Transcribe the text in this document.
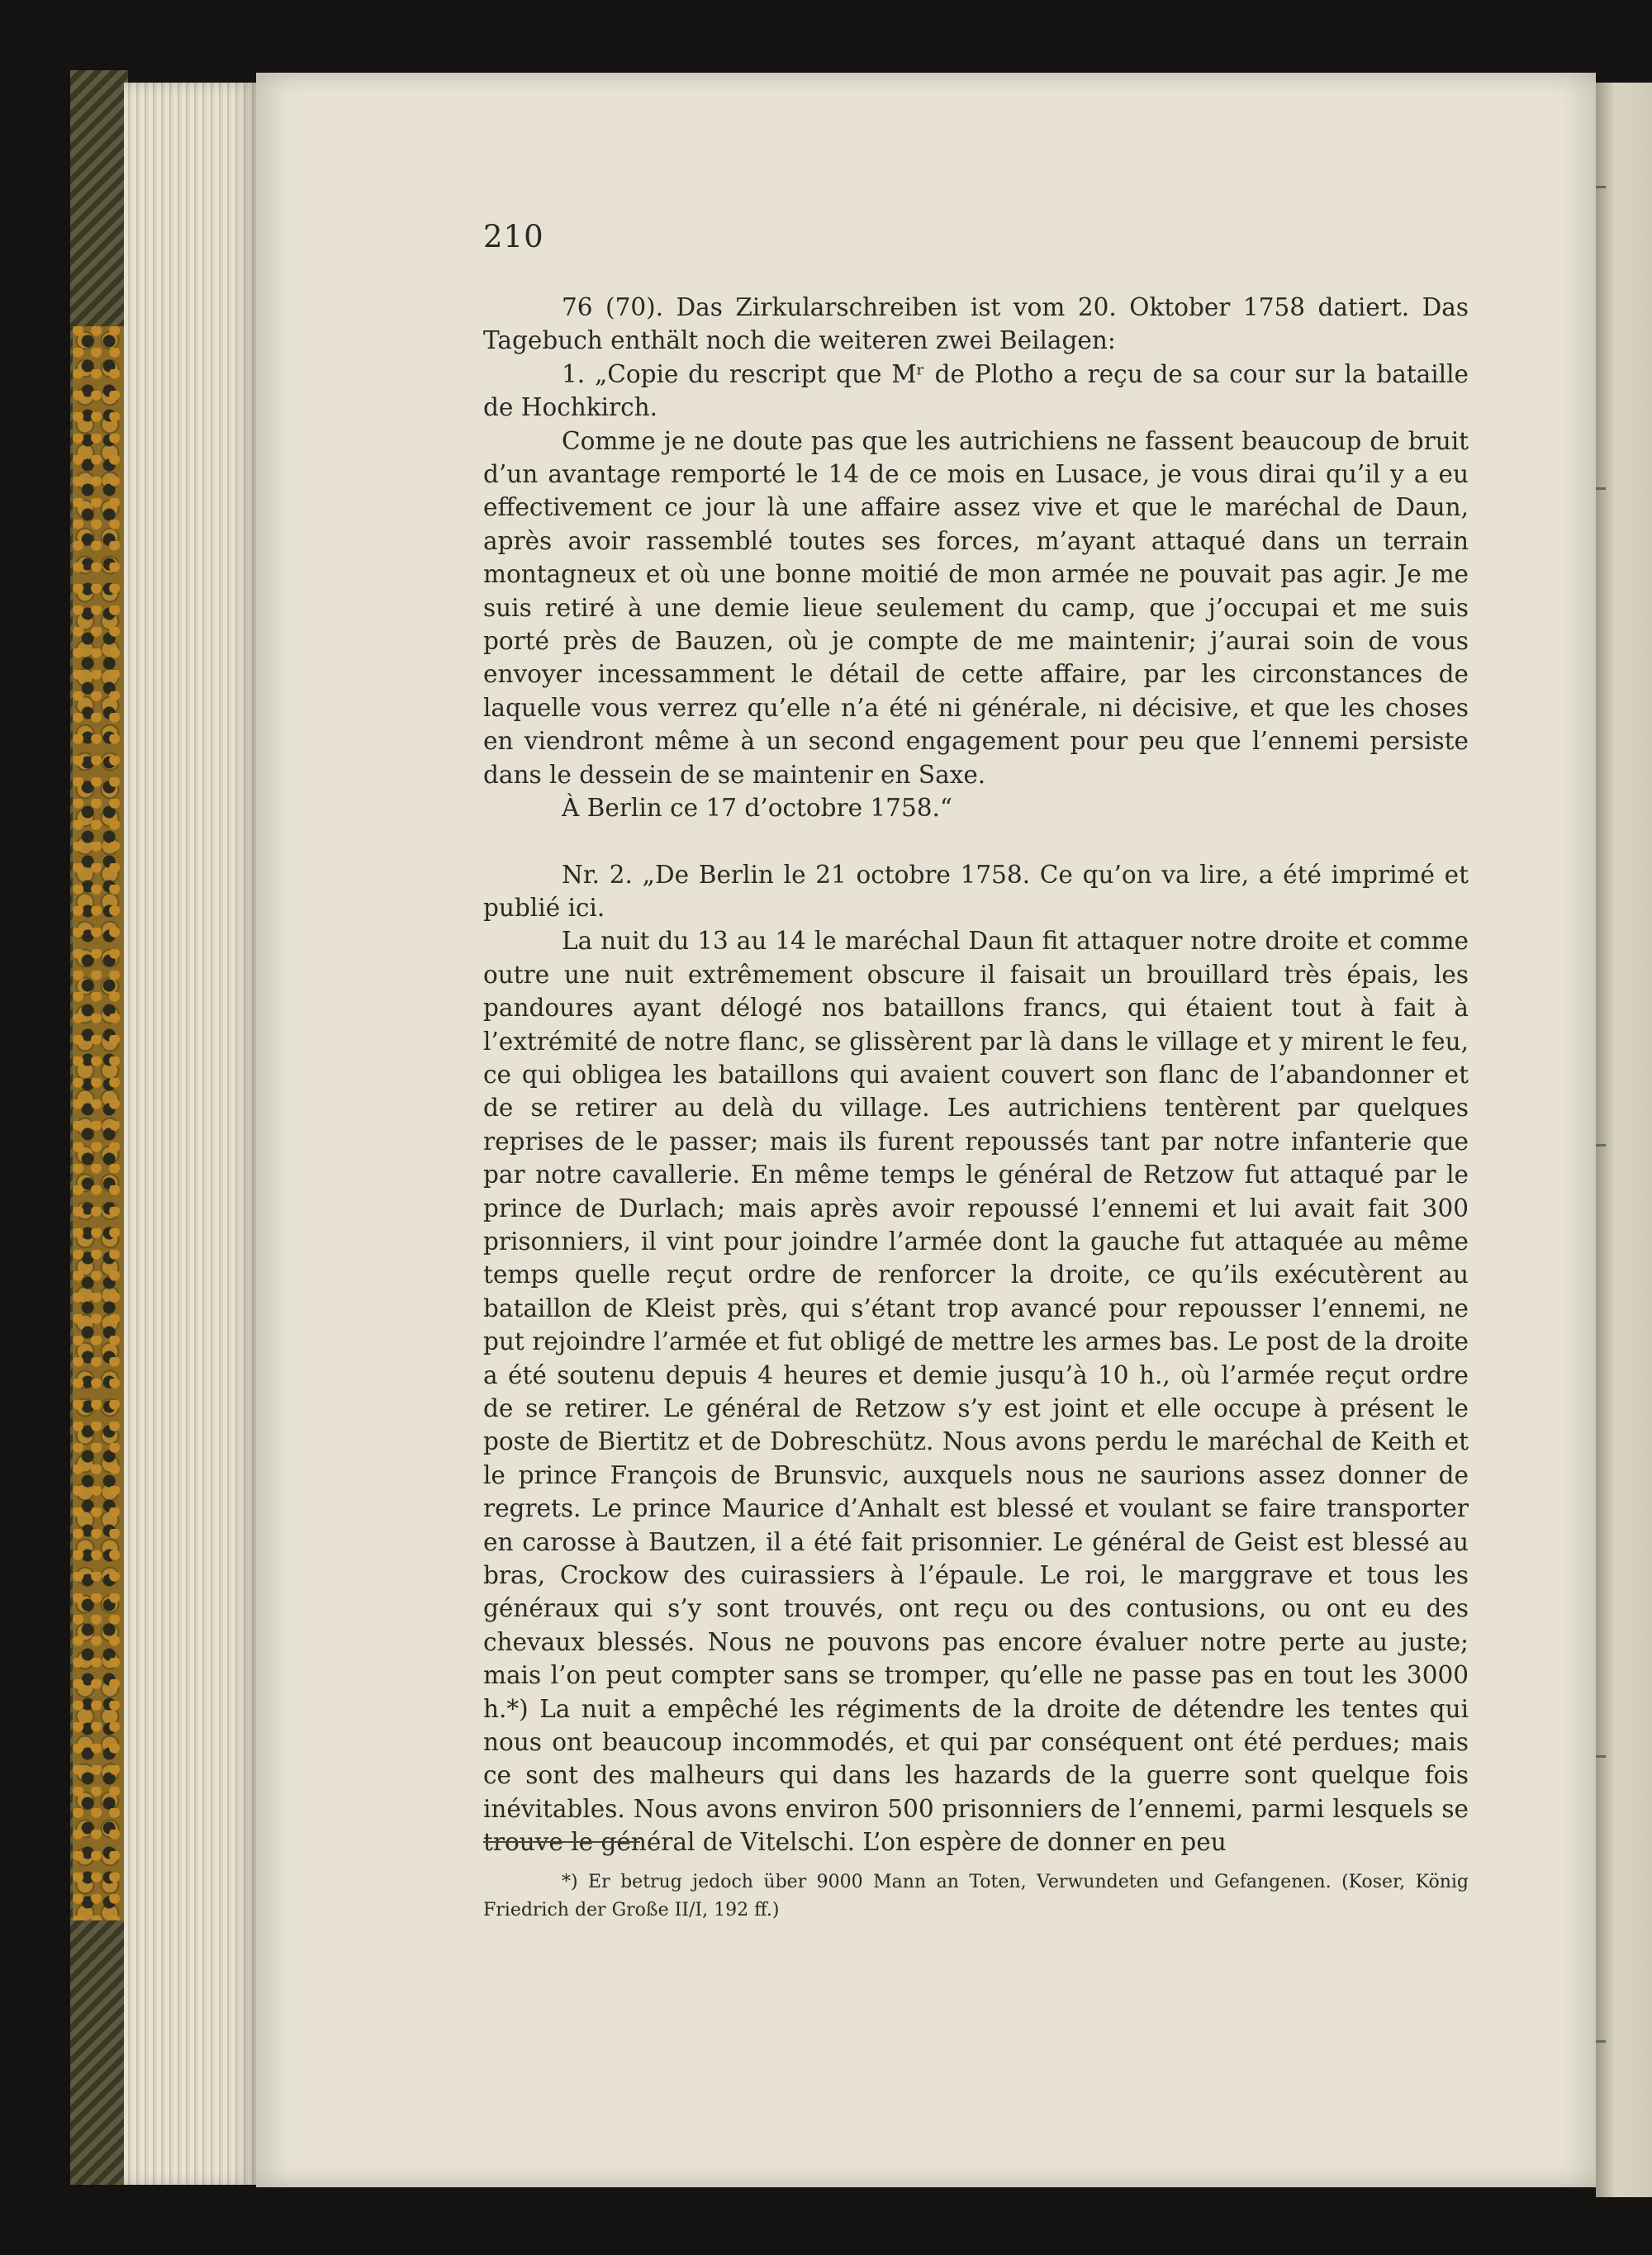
210

76 (70). Das Zirkularschreiben ist vom 20. Oktober 1758 datiert. Das Tagebuch enthält noch die weiteren zwei Beilagen:

1. „Copie du rescript que Mʳ de Plotho a reçu de sa cour sur la bataille de Hochkirch.

Comme je ne doute pas que les autrichiens ne fassent beaucoup de bruit d’un avantage remporté le 14 de ce mois en Lusace, je vous dirai qu’il y a eu effectivement ce jour là une affaire assez vive et que le maréchal de Daun, après avoir rassemblé toutes ses forces, m’ayant attaqué dans un terrain montagneux et où une bonne moitié de mon armée ne pouvait pas agir. Je me suis retiré à une demie lieue seulement du camp, que j’occupai et me suis porté près de Bauzen, où je compte de me maintenir; j’aurai soin de vous envoyer incessamment le détail de cette affaire, par les circonstances de laquelle vous verrez qu’elle n’a été ni générale, ni décisive, et que les choses en viendront même à un second engagement pour peu que l’ennemi persiste dans le dessein de se maintenir en Saxe.

À Berlin ce 17 d’octobre 1758.“

Nr. 2. „De Berlin le 21 octobre 1758. Ce qu’on va lire, a été imprimé et publié ici.

La nuit du 13 au 14 le maréchal Daun fit attaquer notre droite et comme outre une nuit extrêmement obscure il faisait un brouillard très épais, les pandoures ayant délogé nos bataillons francs, qui étaient tout à fait à l’extrémité de notre flanc, se glissèrent par là dans le village et y mirent le feu, ce qui obligea les bataillons qui avaient couvert son flanc de l’abandonner et de se retirer au delà du village. Les autrichiens tentèrent par quelques reprises de le passer; mais ils furent repoussés tant par notre infanterie que par notre cavallerie. En même temps le général de Retzow fut attaqué par le prince de Durlach; mais après avoir repoussé l’ennemi et lui avait fait 300 prisonniers, il vint pour joindre l’armée dont la gauche fut attaquée au même temps quelle reçut ordre de renforcer la droite, ce qu’ils exécutèrent au bataillon de Kleist près, qui s’étant trop avancé pour repousser l’ennemi, ne put rejoindre l’armée et fut obligé de mettre les armes bas. Le post de la droite a été soutenu depuis 4 heures et demie jusqu’à 10 h., où l’armée reçut ordre de se retirer. Le général de Retzow s’y est joint et elle occupe à présent le poste de Biertitz et de Dobreschütz. Nous avons perdu le maréchal de Keith et le prince François de Brunsvic, auxquels nous ne saurions assez donner de regrets. Le prince Maurice d’Anhalt est blessé et voulant se faire transporter en carosse à Bautzen, il a été fait prisonnier. Le général de Geist est blessé au bras, Crockow des cuirassiers à l’épaule. Le roi, le marggrave et tous les généraux qui s’y sont trouvés, ont reçu ou des contusions, ou ont eu des chevaux blessés. Nous ne pouvons pas encore évaluer notre perte au juste; mais l’on peut compter sans se tromper, qu’elle ne passe pas en tout les 3000 h.*) La nuit a empêché les régiments de la droite de détendre les tentes qui nous ont beaucoup incommodés, et qui par conséquent ont été perdues; mais ce sont des malheurs qui dans les hazards de la guerre sont quelque fois inévitables. Nous avons environ 500 prisonniers de l’ennemi, parmi lesquels se trouve le général de Vitelschi. L’on espère de donner en peu

*) Er betrug jedoch über 9000 Mann an Toten, Verwundeten und Gefangenen. (Koser, König Friedrich der Große II/I, 192 ff.)
